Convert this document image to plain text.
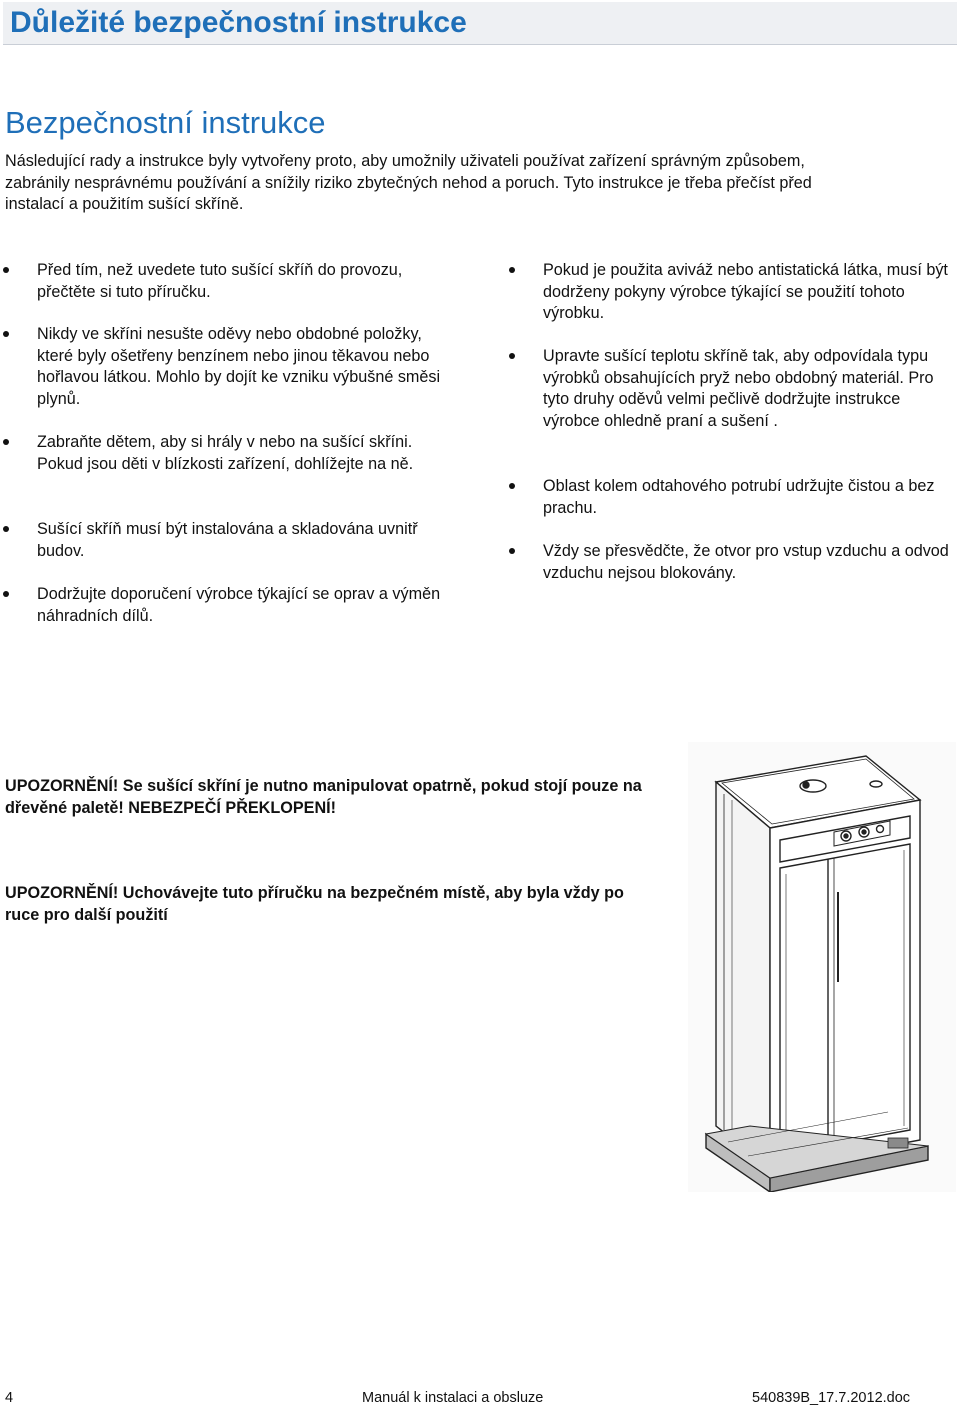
Důležité bezpečnostní instrukce
Bezpečnostní instrukce

Následující rady a instrukce byly vytvořeny proto, aby umožnily uživateli používat zařízení správným způsobem, zabránily nesprávnému používání a snížily riziko zbytečných nehod a poruch. Tyto instrukce je třeba přečíst před instalací a použitím sušící skříně.

Před tím, než uvedete tuto sušící skříň do provozu, přečtěte si tuto příručku.
Nikdy ve skříni nesušte oděvy nebo obdobné položky, které byly ošetřeny benzínem nebo jinou těkavou nebo hořlavou látkou. Mohlo by dojít ke vzniku výbušné směsi plynů.
Zabraňte dětem, aby si hrály v nebo na sušící skříni. Pokud jsou děti v blízkosti zařízení, dohlížejte na ně.
Sušící skříň musí být instalována a skladována uvnitř budov.
Dodržujte doporučení výrobce týkající se oprav a výměn náhradních dílů.
Pokud je použita aviváž nebo antistatická látka, musí být dodrženy pokyny výrobce týkající se použití tohoto výrobku.
Upravte sušící teplotu skříně tak, aby odpovídala typu výrobků obsahujících pryž nebo obdobný materiál. Pro tyto druhy oděvů velmi pečlivě dodržujte instrukce výrobce ohledně praní a sušení .
Oblast kolem odtahového potrubí udržujte čistou a bez prachu.
Vždy se přesvědčte, že otvor pro vstup vzduchu a odvod vzduchu nejsou blokovány.

UPOZORNĚNÍ! Se sušící skříní je nutno manipulovat opatrně, pokud stojí pouze na dřevěné paletě! NEBEZPEČÍ PŘEKLOPENÍ!

UPOZORNĚNÍ! Uchovávejte tuto příručku na bezpečném místě, aby byla vždy po ruce pro další použití

4	Manuál k instalaci a obsluze	540839B_17.7.2012.doc
